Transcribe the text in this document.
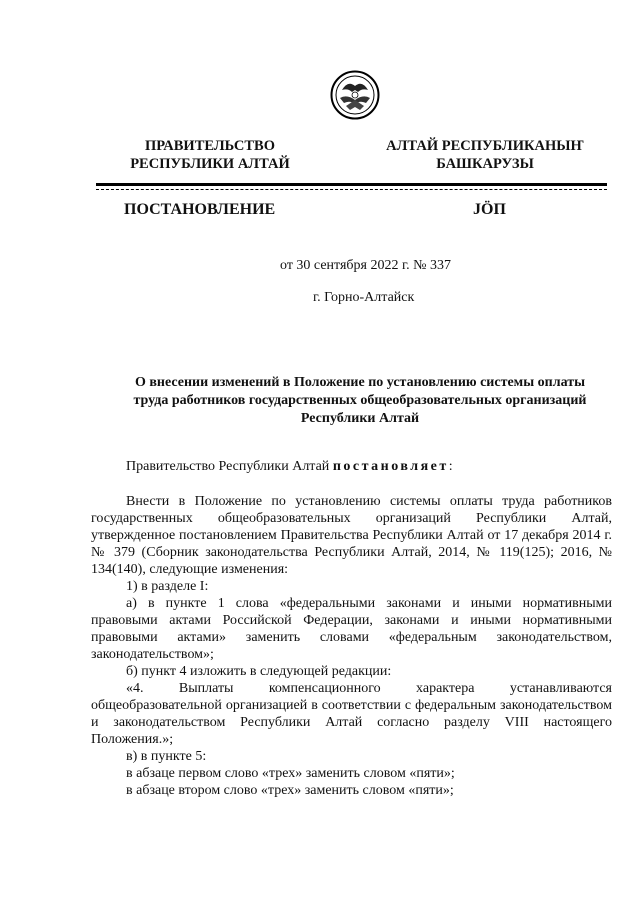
ПРАВИТЕЛЬСТВО
РЕСПУБЛИКИ АЛТАЙ
АЛТАЙ РЕСПУБЛИКАНЫҤ
БАШКАРУЗЫ
ПОСТАНОВЛЕНИЕ	JÖП
от 30 сентября 2022 г. № 337
г. Горно-Алтайск
О внесении изменений в Положение по установлению системы оплаты
труда работников государственных общеобразовательных организаций
Республики Алтай

Правительство Республики Алтай постановляет:

Внести в Положение по установлению системы оплаты труда работников государственных общеобразовательных организаций Республики Алтай, утвержденное постановлением Правительства Республики Алтай от 17 декабря 2014 г. № 379 (Сборник законодательства Республики Алтай, 2014, № 119(125); 2016, № 134(140), следующие изменения:

1) в разделе I:

а) в пункте 1 слова «федеральными законами и иными нормативными правовыми актами Российской Федерации, законами и иными нормативными правовыми актами» заменить словами «федеральным законодательством, законодательством»;

б) пункт 4 изложить в следующей редакции:

«4. Выплаты компенсационного характера устанавливаются общеобразовательной организацией в соответствии с федеральным законодательством и законодательством Республики Алтай согласно разделу VIII настоящего Положения.»;

в) в пункте 5:

в абзаце первом слово «трех» заменить словом «пяти»;

в абзаце втором слово «трех» заменить словом «пяти»;
